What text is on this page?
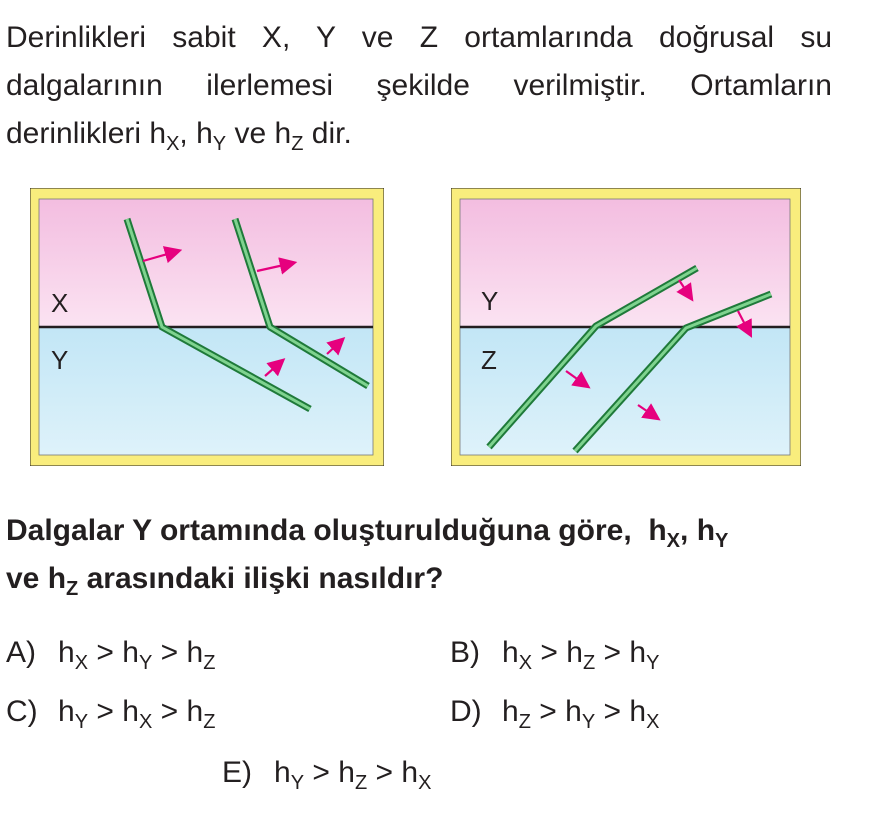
Derinlikleri sabit X, Y ve Z ortamlarında doğrusal su
dalgalarının ilerlemesi şekilde verilmiştir. Ortamların
derinlikleri $h_X$, $h_Y$ ve $h_Z$ dir.
X
Y
Y
Z
Dalgalar Y ortamında oluşturulduğuna göre, $h_X$, $h_Y$
ve $h_Z$ arasındaki ilişki nasıldır?
A) $h_X > h_Y > h_Z$	B) $h_X > h_Z > h_Y$
C) $h_Y > h_X > h_Z$	D) $h_Z > h_Y > h_X$
E) $h_Y > h_Z > h_X$
